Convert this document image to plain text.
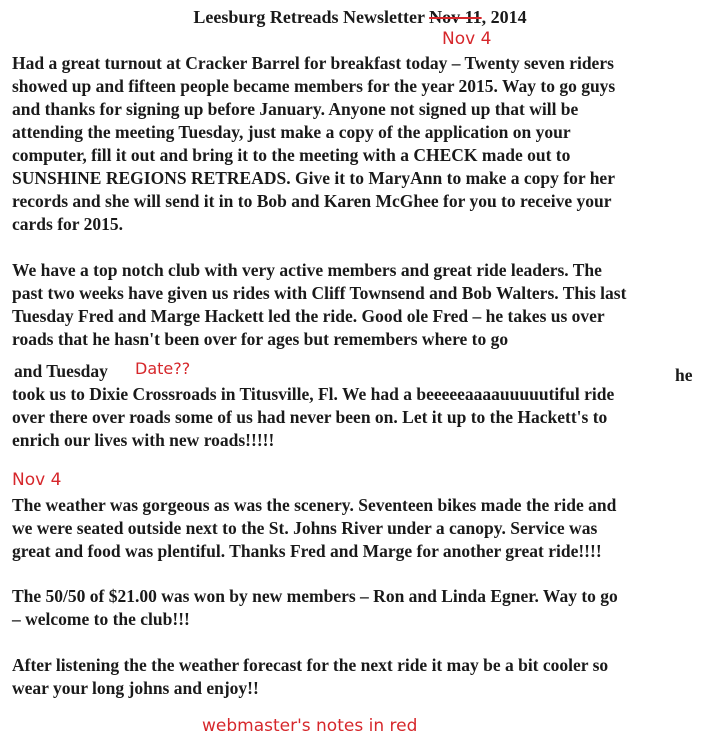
Leesburg Retreads Newsletter Nov 11, 2014
Nov 4
Had a great turnout at Cracker Barrel for breakfast today – Twenty seven riders
showed up and fifteen people became members for the year 2015. Way to go guys
and thanks for signing up before January. Anyone not signed up that will be
attending the meeting Tuesday, just make a copy of the application on your
computer, fill it out and bring it to the meeting with a CHECK made out to
SUNSHINE REGIONS RETREADS. Give it to MaryAnn to make a copy for her
records and she will send it in to Bob and Karen McGhee for you to receive your
cards for 2015.
We have a top notch club with very active members and great ride leaders. The
past two weeks have given us rides with Cliff Townsend and Bob Walters. This last
Tuesday Fred and Marge Hackett led the ride. Good ole Fred – he takes us over
roads that he hasn't been over for ages but remembers where to go
and Tuesday Date??	he
took us to Dixie Crossroads in Titusville, Fl. We had a beeeeeaaaauuuuutiful ride
over there over roads some of us had never been on. Let it up to the Hackett's to
enrich our lives with new roads!!!!!
Nov 4
The weather was gorgeous as was the scenery. Seventeen bikes made the ride and
we were seated outside next to the St. Johns River under a canopy. Service was
great and food was plentiful. Thanks Fred and Marge for another great ride!!!!
The 50/50 of $21.00 was won by new members – Ron and Linda Egner. Way to go
– welcome to the club!!!
After listening the the weather forecast for the next ride it may be a bit cooler so
wear your long johns and enjoy!!
webmaster's notes in red
